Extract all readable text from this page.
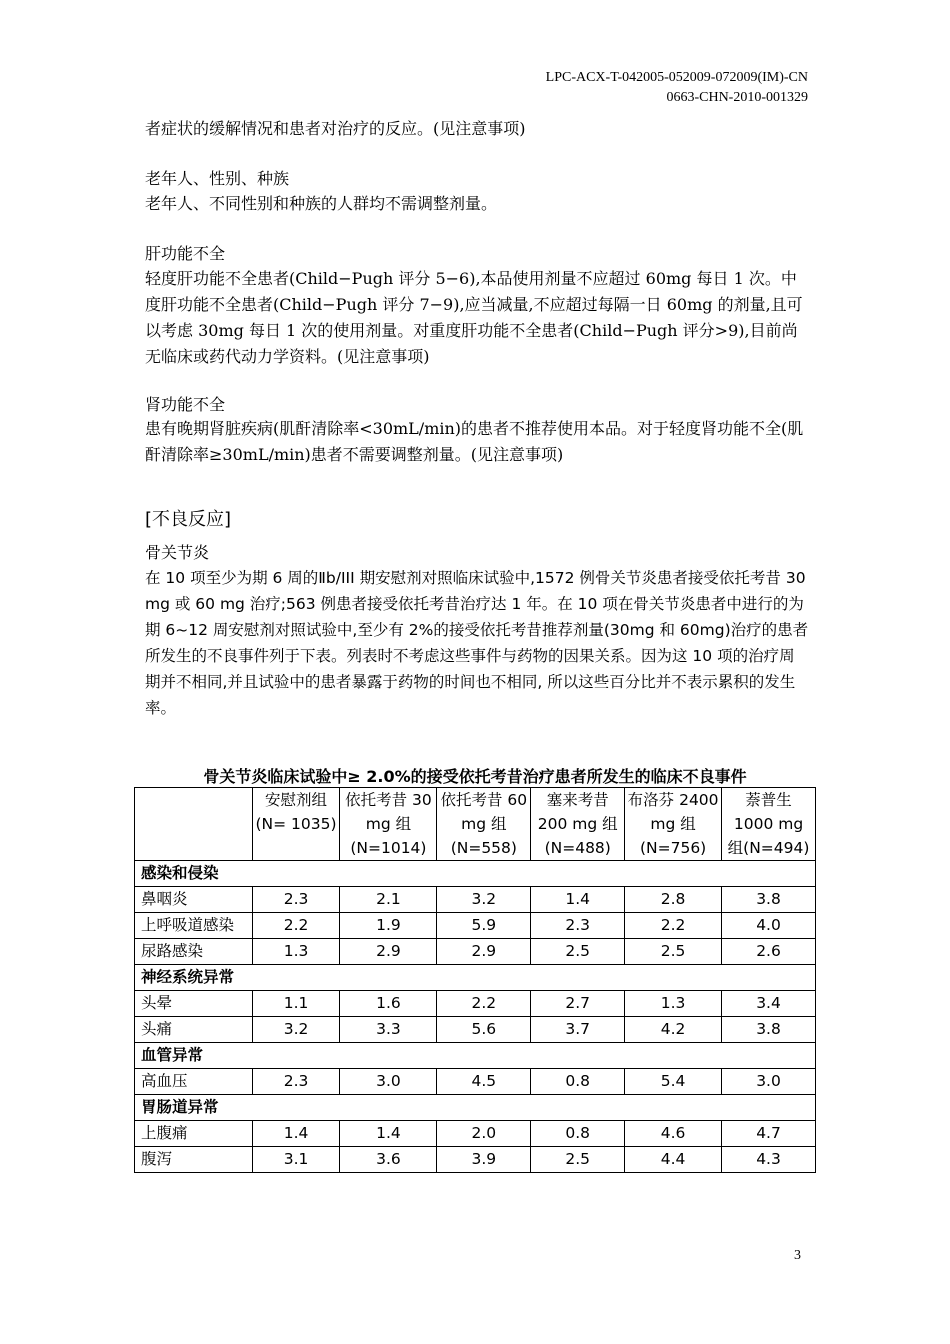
LPC-ACX-T-042005-052009-072009(IM)-CN
0663-CHN-2010-001329

者症状的缓解情况和患者对治疗的反应。(见注意事项)

老年人、性别、种族

老年人、不同性别和种族的人群均不需调整剂量。

肝功能不全

轻度肝功能不全患者(Child−Pugh 评分 5−6),本品使用剂量不应超过 60mg 每日 1 次。中度肝功能不全患者(Child−Pugh 评分 7−9),应当减量,不应超过每隔一日 60mg 的剂量,且可以考虑 30mg 每日 1 次的使用剂量。对重度肝功能不全患者(Child−Pugh 评分>9),目前尚无临床或药代动力学资料。(见注意事项)

肾功能不全

患有晚期肾脏疾病(肌酐清除率<30mL/min)的患者不推荐使用本品。对于轻度肾功能不全(肌酐清除率≥30mL/min)患者不需要调整剂量。(见注意事项)

[不良反应]

骨关节炎

在 10 项至少为期 6 周的Ⅱb/III 期安慰剂对照临床试验中,1572 例骨关节炎患者接受依托考昔 30 mg 或 60 mg 治疗;563 例患者接受依托考昔治疗达 1 年。在 10 项在骨关节炎患者中进行的为期 6~12 周安慰剂对照试验中,至少有 2%的接受依托考昔推荐剂量(30mg 和 60mg)治疗的患者所发生的不良事件列于下表。列表时不考虑这些事件与药物的因果关系。因为这 10 项的治疗周期并不相同,并且试验中的患者暴露于药物的时间也不相同, 所以这些百分比并不表示累积的发生率。

骨关节炎临床试验中≥ 2.0%的接受依托考昔治疗患者所发生的临床不良事件
	安慰剂组(N= 1035)	依托考昔 30 mg 组(N=1014)	依托考昔 60 mg 组(N=558)	塞来考昔 200 mg 组(N=488)	布洛芬 2400 mg 组(N=756)	萘普生 1000 mg 组(N=494)
感染和侵染						
鼻咽炎	2.3	2.1	3.2	1.4	2.8	3.8
上呼吸道感染	2.2	1.9	5.9	2.3	2.2	4.0
尿路感染	1.3	2.9	2.9	2.5	2.5	2.6
神经系统异常						
头晕	1.1	1.6	2.2	2.7	1.3	3.4
头痛	3.2	3.3	5.6	3.7	4.2	3.8
血管异常						
高血压	2.3	3.0	4.5	0.8	5.4	3.0
胃肠道异常						
上腹痛	1.4	1.4	2.0	0.8	4.6	4.7
腹泻	3.1	3.6	3.9	2.5	4.4	4.3
3
